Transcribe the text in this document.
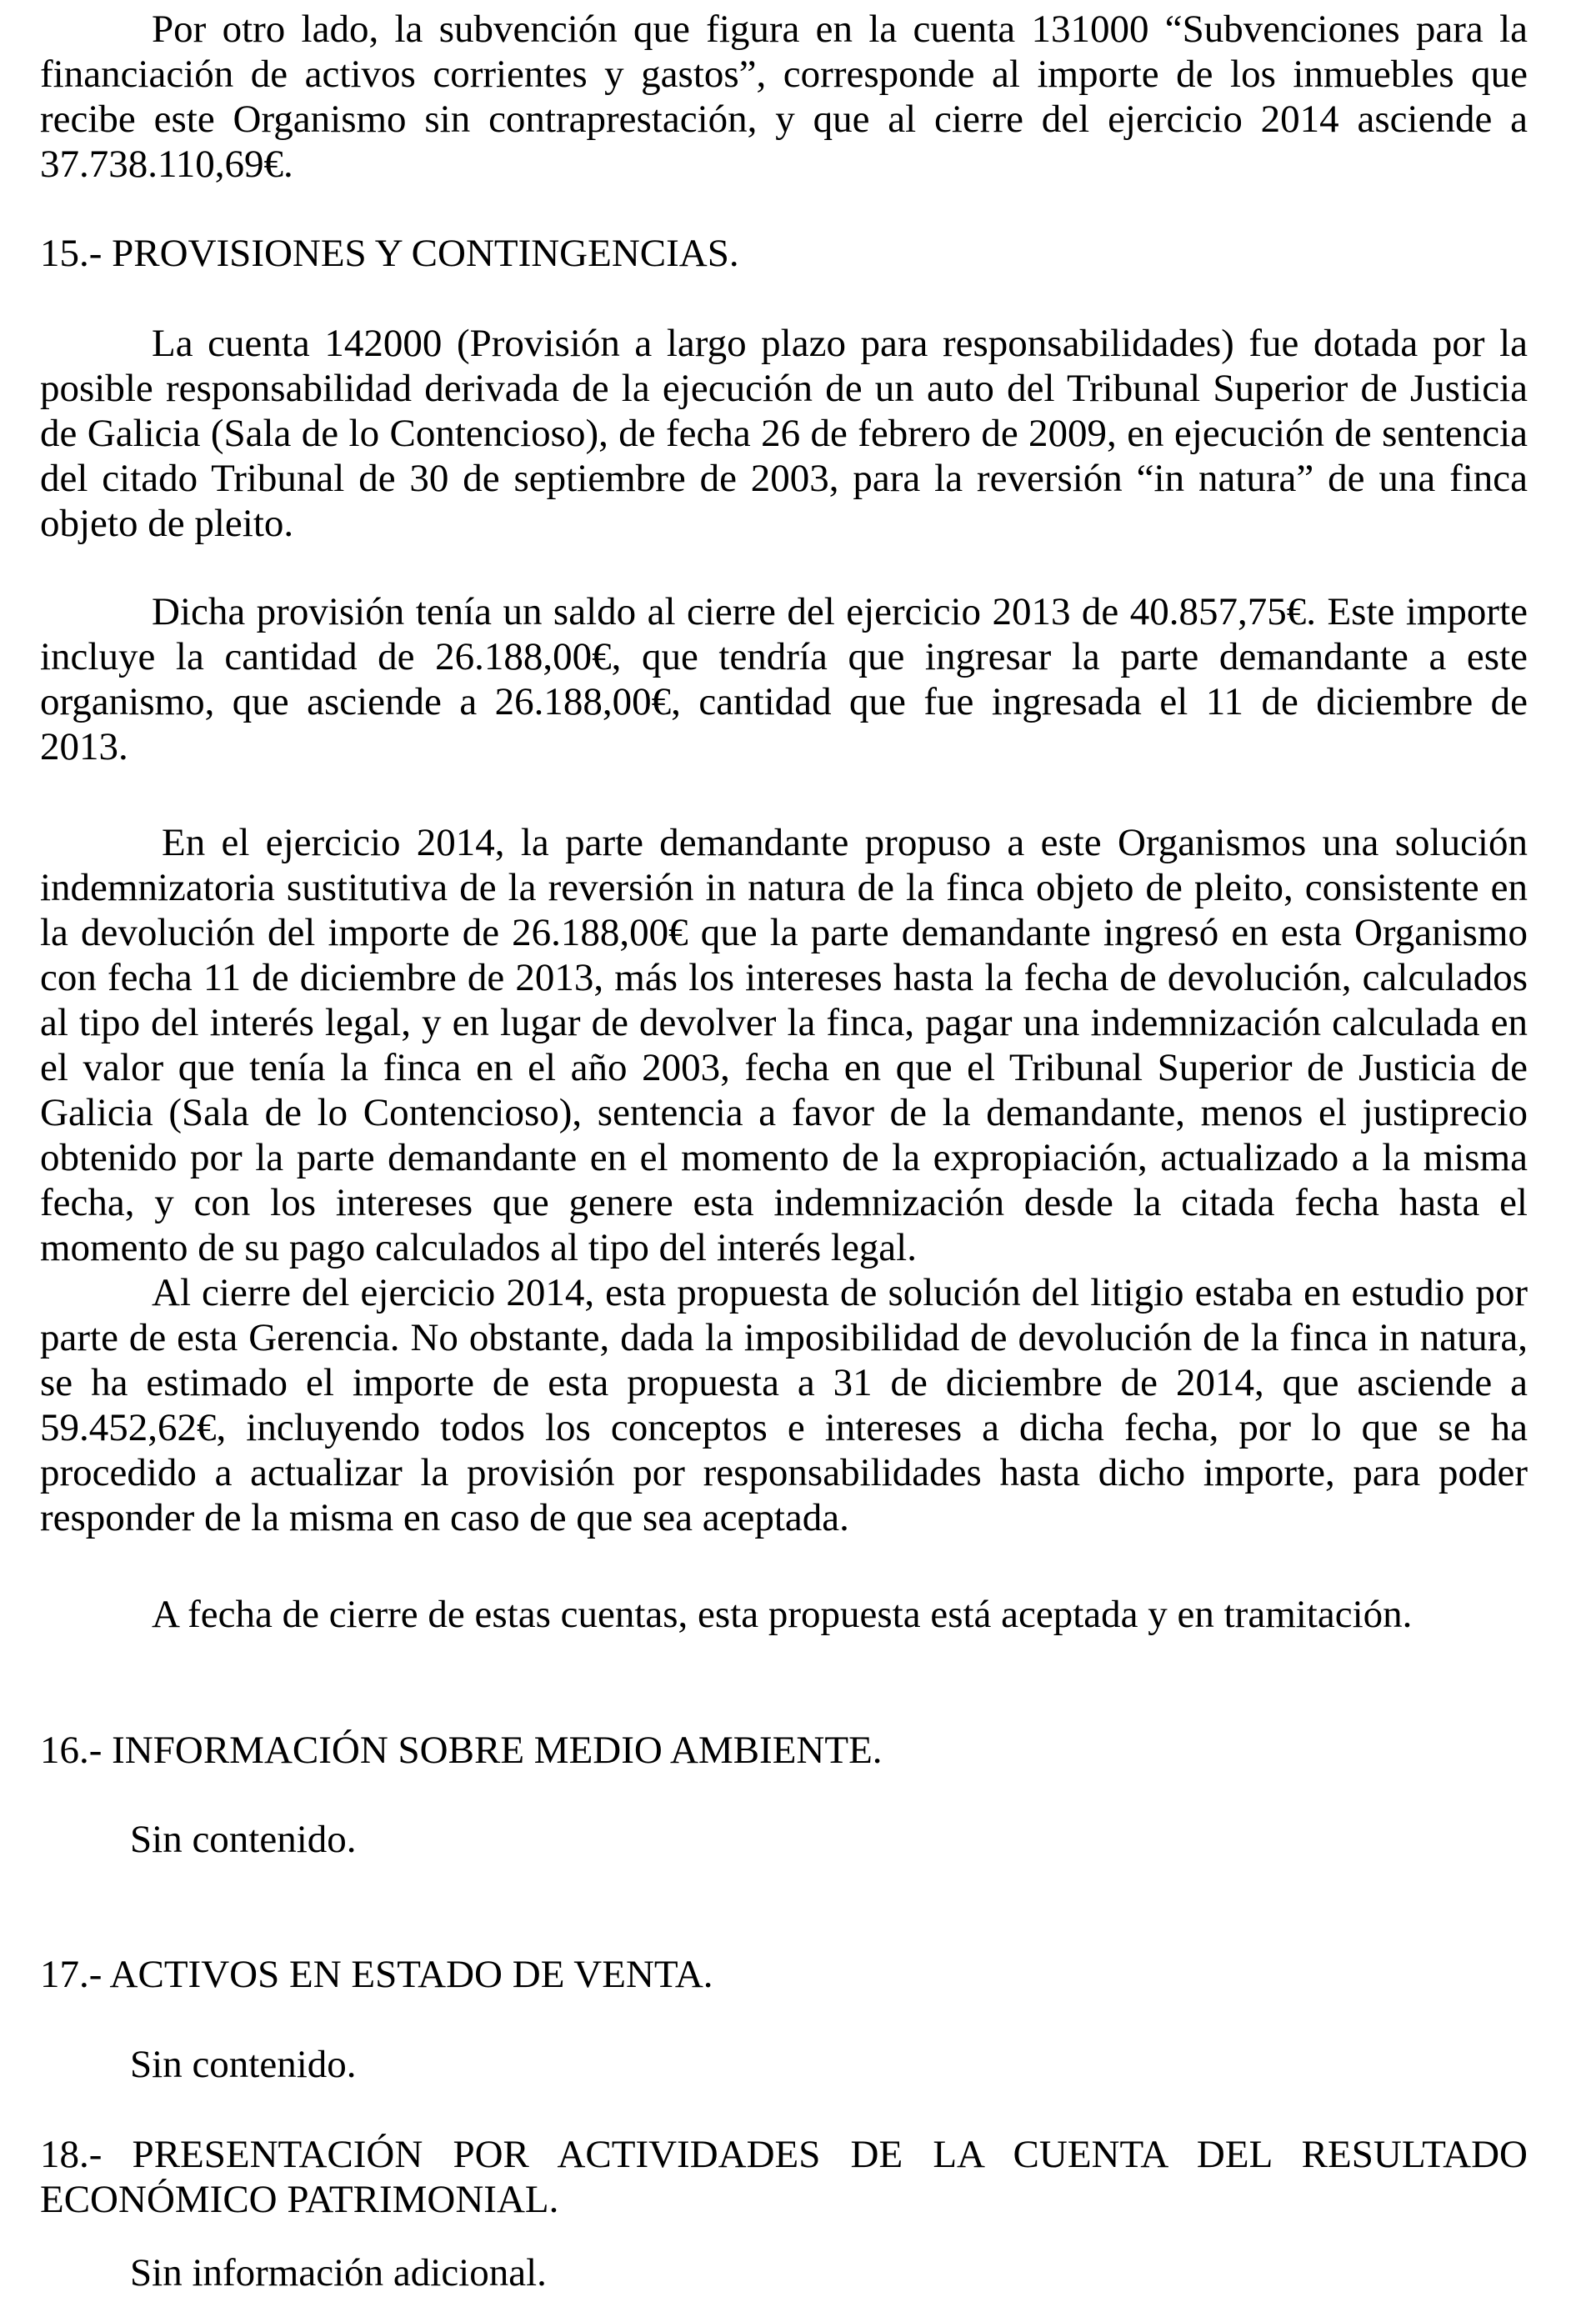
Por otro lado, la subvención que figura en la cuenta 131000 “Subvenciones para la

financiación de activos corrientes y gastos”, corresponde al importe de los inmuebles que

recibe este Organismo sin contraprestación, y que al cierre del ejercicio 2014 asciende a

37.738.110,69€.

15.- PROVISIONES Y CONTINGENCIAS.

La cuenta 142000 (Provisión a largo plazo para responsabilidades) fue dotada por la

posible responsabilidad derivada de la ejecución de un auto del Tribunal Superior de Justicia

de Galicia (Sala de lo Contencioso), de fecha 26 de febrero de 2009, en ejecución de sentencia

del citado Tribunal de 30 de septiembre de 2003, para la reversión “in natura” de una finca

objeto de pleito.

Dicha provisión tenía un saldo al cierre del ejercicio 2013 de 40.857,75€. Este importe

incluye la cantidad de 26.188,00€, que tendría que ingresar la parte demandante a este

organismo, que asciende a 26.188,00€, cantidad que fue ingresada el 11 de diciembre de

2013.

En el ejercicio 2014, la parte demandante propuso a este Organismos una solución

indemnizatoria sustitutiva de la reversión in natura de la finca objeto de pleito, consistente en

la devolución del importe de 26.188,00€ que la parte demandante ingresó en esta Organismo

con fecha 11 de diciembre de 2013, más los intereses hasta la fecha de devolución, calculados

al tipo del interés legal, y en lugar de devolver la finca, pagar una indemnización calculada en

el valor que tenía la finca en el año 2003, fecha en que el Tribunal Superior de Justicia de

Galicia (Sala de lo Contencioso), sentencia a favor de la demandante, menos el justiprecio

obtenido por la parte demandante en el momento de la expropiación, actualizado a la misma

fecha, y con los intereses que genere esta indemnización desde la citada fecha hasta el

momento de su pago calculados al tipo del interés legal.

Al cierre del ejercicio 2014, esta propuesta de solución del litigio estaba en estudio por

parte de esta Gerencia. No obstante, dada la imposibilidad de devolución de la finca in natura,

se ha estimado el importe de esta propuesta a 31 de diciembre de 2014, que asciende a

59.452,62€, incluyendo todos los conceptos e intereses a dicha fecha, por lo que se ha

procedido a actualizar la provisión por responsabilidades hasta dicho importe, para poder

responder de la misma en caso de que sea aceptada.

A fecha de cierre de estas cuentas, esta propuesta está aceptada y en tramitación.
16.- INFORMACIÓN SOBRE MEDIO AMBIENTE.
Sin contenido.
17.- ACTIVOS EN ESTADO DE VENTA.
Sin contenido.

18.- PRESENTACIÓN POR ACTIVIDADES DE LA CUENTA DEL RESULTADO

ECONÓMICO PATRIMONIAL.

Sin información adicional.
